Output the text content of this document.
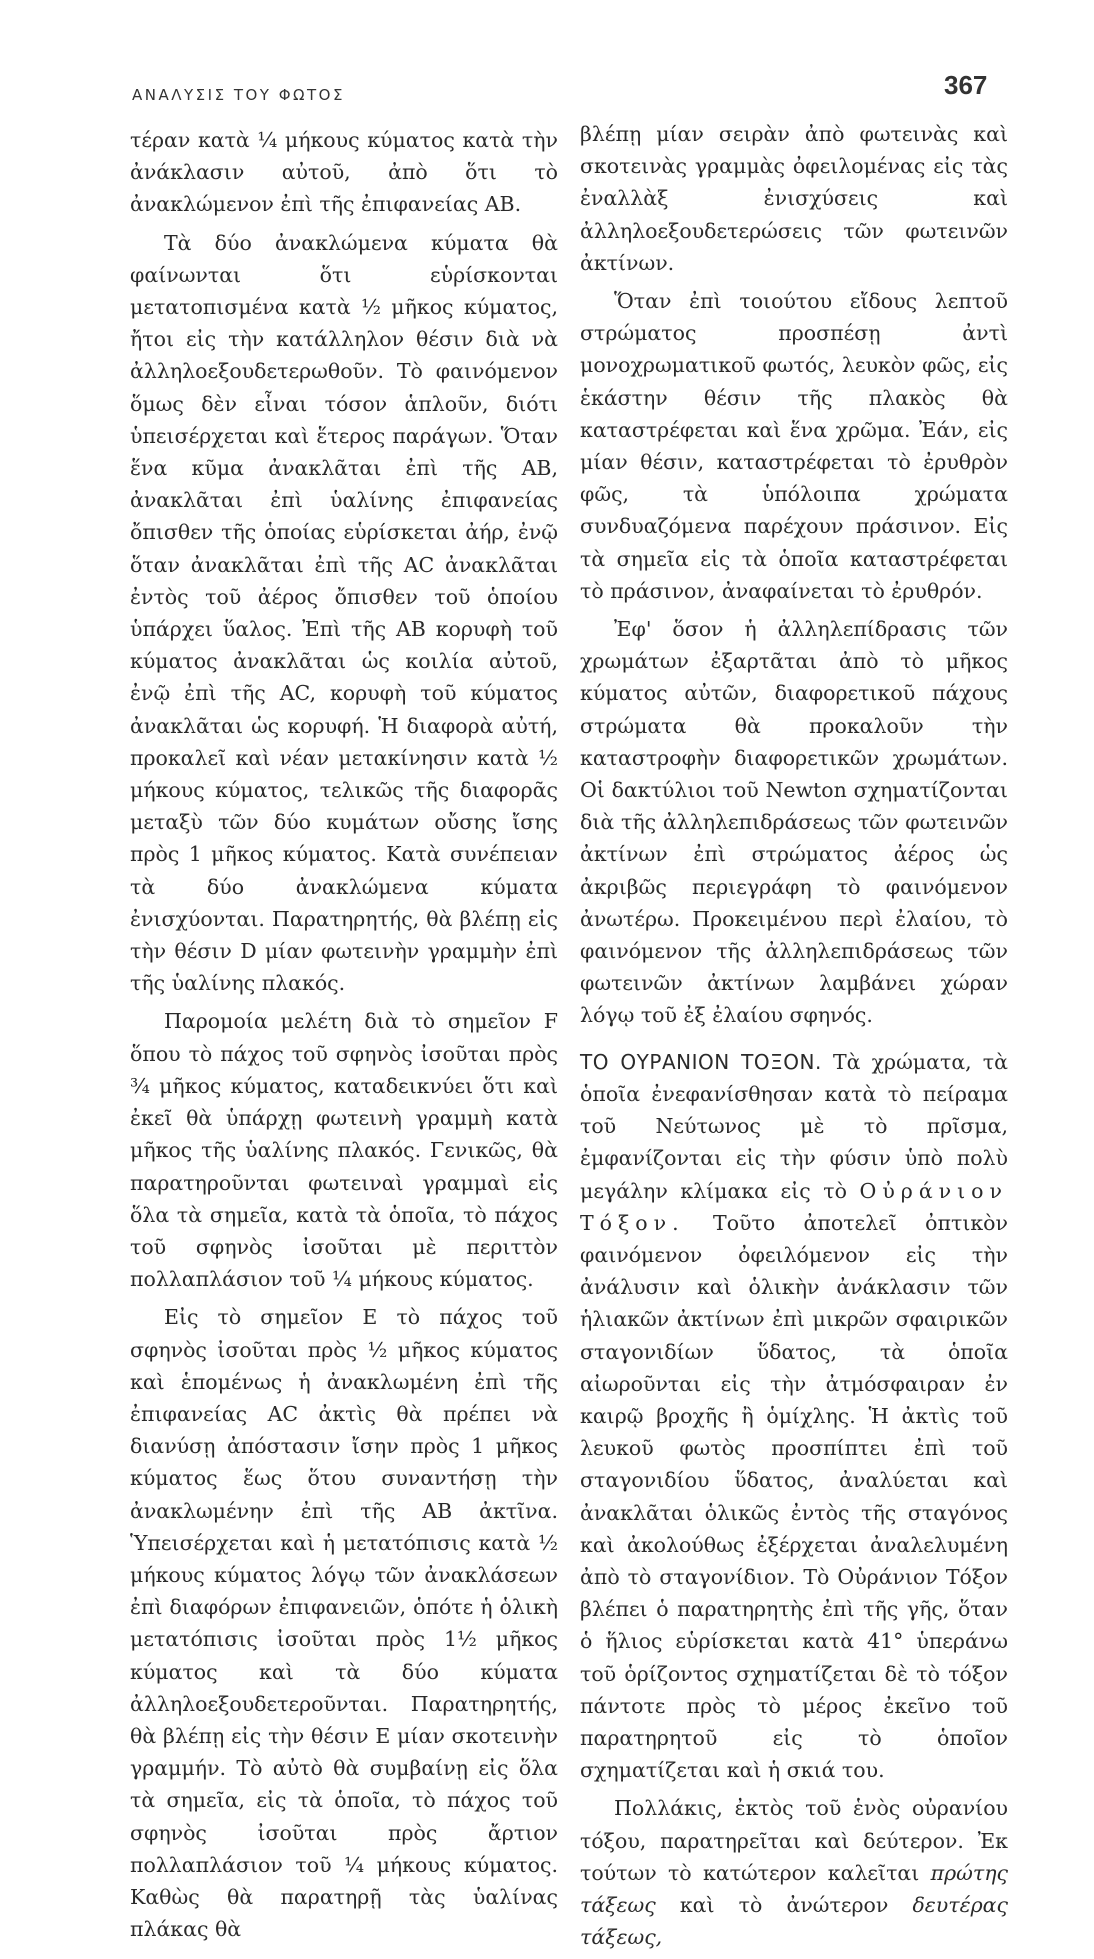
ΑΝΑΛΥΣΙΣ ΤΟΥ ΦΩΤΟΣ	367

τέραν κατὰ ¼ μήκους κύματος κατὰ τὴν ἀνάκλασιν αὐτοῦ, ἀπὸ ὅτι τὸ ἀνακλώμενον ἐπὶ τῆς ἐπιφανείας AB.

Τὰ δύο ἀνακλώμενα κύματα θὰ φαίνωνται ὅτι εὑρίσκονται μετατοπισμένα κατὰ ½ μῆκος κύματος, ἤτοι εἰς τὴν κατάλληλον θέσιν διὰ νὰ ἀλληλοεξουδετερωθοῦν. Τὸ φαινόμενον ὅμως δὲν εἶναι τόσον ἁπλοῦν, διότι ὑπεισέρχεται καὶ ἕτερος παράγων. Ὅταν ἕνα κῦμα ἀνακλᾶται ἐπὶ τῆς AB, ἀνακλᾶται ἐπὶ ὑαλίνης ἐπιφανείας ὄπισθεν τῆς ὁποίας εὑρίσκεται ἀήρ, ἐνῷ ὅταν ἀνακλᾶται ἐπὶ τῆς AC ἀνακλᾶται ἐντὸς τοῦ ἀέρος ὄπισθεν τοῦ ὁποίου ὑπάρχει ὕαλος. Ἐπὶ τῆς AB κορυφὴ τοῦ κύματος ἀνακλᾶται ὡς κοιλία αὐτοῦ, ἐνῷ ἐπὶ τῆς AC, κορυφὴ τοῦ κύματος ἀνακλᾶται ὡς κορυφή. Ἡ διαφορὰ αὐτή, προκαλεῖ καὶ νέαν μετακίνησιν κατὰ ½ μήκους κύματος, τελικῶς τῆς διαφορᾶς μεταξὺ τῶν δύο κυμάτων οὔσης ἴσης πρὸς 1 μῆκος κύματος. Κατὰ συνέπειαν τὰ δύο ἀνακλώμενα κύματα ἐνισχύονται. Παρατηρητής, θὰ βλέπῃ εἰς τὴν θέσιν D μίαν φωτεινὴν γραμμὴν ἐπὶ τῆς ὑαλίνης πλακός.

Παρομοία μελέτη διὰ τὸ σημεῖον F ὅπου τὸ πάχος τοῦ σφηνὸς ἰσοῦται πρὸς ¾ μῆκος κύματος, καταδεικνύει ὅτι καὶ ἐκεῖ θὰ ὑπάρχῃ φωτεινὴ γραμμὴ κατὰ μῆκος τῆς ὑαλίνης πλακός. Γενικῶς, θὰ παρατηροῦνται φωτειναὶ γραμμαὶ εἰς ὅλα τὰ σημεῖα, κατὰ τὰ ὁποῖα, τὸ πάχος τοῦ σφηνὸς ἰσοῦται μὲ περιττὸν πολλαπλάσιον τοῦ ¼ μήκους κύματος.

Εἰς τὸ σημεῖον E τὸ πάχος τοῦ σφηνὸς ἰσοῦται πρὸς ½ μῆκος κύματος καὶ ἑπομένως ἡ ἀνακλωμένη ἐπὶ τῆς ἐπιφανείας AC ἀκτὶς θὰ πρέπει νὰ διανύσῃ ἀπόστασιν ἴσην πρὸς 1 μῆκος κύματος ἕως ὅτου συναντήσῃ τὴν ἀνακλωμένην ἐπὶ τῆς AB ἀκτῖνα. Ὑπεισέρχεται καὶ ἡ μετατόπισις κατὰ ½ μήκους κύματος λόγῳ τῶν ἀνακλάσεων ἐπὶ διαφόρων ἐπιφανειῶν, ὁπότε ἡ ὁλικὴ μετατόπισις ἰσοῦται πρὸς 1½ μῆκος κύματος καὶ τὰ δύο κύματα ἀλληλοεξουδετεροῦνται. Παρατηρητής, θὰ βλέπῃ εἰς τὴν θέσιν E μίαν σκοτεινὴν γραμμήν. Τὸ αὐτὸ θὰ συμβαίνῃ εἰς ὅλα τὰ σημεῖα, εἰς τὰ ὁποῖα, τὸ πάχος τοῦ σφηνὸς ἰσοῦται πρὸς ἄρτιον πολλαπλάσιον τοῦ ¼ μήκους κύματος. Καθὼς θὰ παρατηρῇ τὰς ὑαλίνας πλάκας θὰ

βλέπῃ μίαν σειρὰν ἀπὸ φωτεινὰς καὶ σκοτεινὰς γραμμὰς ὀφειλομένας εἰς τὰς ἐναλλὰξ ἐνισχύσεις καὶ ἀλληλοεξουδετερώσεις τῶν φωτεινῶν ἀκτίνων.

Ὅταν ἐπὶ τοιούτου εἴδους λεπτοῦ στρώματος προσπέσῃ ἀντὶ μονοχρωματικοῦ φωτός, λευκὸν φῶς, εἰς ἑκάστην θέσιν τῆς πλακὸς θὰ καταστρέφεται καὶ ἕνα χρῶμα. Ἐάν, εἰς μίαν θέσιν, καταστρέφεται τὸ ἐρυθρὸν φῶς, τὰ ὑπόλοιπα χρώματα συνδυαζόμενα παρέχουν πράσινον. Εἰς τὰ σημεῖα εἰς τὰ ὁποῖα καταστρέφεται τὸ πράσινον, ἀναφαίνεται τὸ ἐρυθρόν.

Ἐφ' ὅσον ἡ ἀλληλεπίδρασις τῶν χρωμάτων ἐξαρτᾶται ἀπὸ τὸ μῆκος κύματος αὐτῶν, διαφορετικοῦ πάχους στρώματα θὰ προκαλοῦν τὴν καταστροφὴν διαφορετικῶν χρωμάτων. Οἱ δακτύλιοι τοῦ Newton σχηματίζονται διὰ τῆς ἀλληλεπιδράσεως τῶν φωτεινῶν ἀκτίνων ἐπὶ στρώματος ἀέρος ὡς ἀκριβῶς περιεγράφη τὸ φαινόμενον ἀνωτέρω. Προκειμένου περὶ ἐλαίου, τὸ φαινόμενον τῆς ἀλληλεπιδράσεως τῶν φωτεινῶν ἀκτίνων λαμβάνει χώραν λόγῳ τοῦ ἐξ ἐλαίου σφηνός.

ΤΟ ΟΥΡΑΝΙΟΝ ΤΟΞΟΝ. Τὰ χρώματα, τὰ ὁποῖα ἐνεφανίσθησαν κατὰ τὸ πείραμα τοῦ Νεύτωνος μὲ τὸ πρῖσμα, ἐμφανίζονται εἰς τὴν φύσιν ὑπὸ πολὺ μεγάλην κλίμακα εἰς τὸ Οὐράνιον Τόξον. Τοῦτο ἀποτελεῖ ὀπτικὸν φαινόμενον ὀφειλόμενον εἰς τὴν ἀνάλυσιν καὶ ὁλικὴν ἀνάκλασιν τῶν ἡλιακῶν ἀκτίνων ἐπὶ μικρῶν σφαιρικῶν σταγονιδίων ὕδατος, τὰ ὁποῖα αἰωροῦνται εἰς τὴν ἀτμόσφαιραν ἐν καιρῷ βροχῆς ἢ ὁμίχλης. Ἡ ἀκτὶς τοῦ λευκοῦ φωτὸς προσπίπτει ἐπὶ τοῦ σταγονιδίου ὕδατος, ἀναλύεται καὶ ἀνακλᾶται ὁλικῶς ἐντὸς τῆς σταγόνος καὶ ἀκολούθως ἐξέρχεται ἀναλελυμένη ἀπὸ τὸ σταγονίδιον. Τὸ Οὐράνιον Τόξον βλέπει ὁ παρατηρητὴς ἐπὶ τῆς γῆς, ὅταν ὁ ἥλιος εὑρίσκεται κατὰ 41° ὑπεράνω τοῦ ὁρίζοντος σχηματίζεται δὲ τὸ τόξον πάντοτε πρὸς τὸ μέρος ἐκεῖνο τοῦ παρατηρητοῦ εἰς τὸ ὁποῖον σχηματίζεται καὶ ἡ σκιά του.

Πολλάκις, ἐκτὸς τοῦ ἑνὸς οὐρανίου τόξου, παρατηρεῖται καὶ δεύτερον. Ἐκ τούτων τὸ κατώτερον καλεῖται πρώτης τάξεως καὶ τὸ ἀνώτερον δευτέρας τάξεως,
